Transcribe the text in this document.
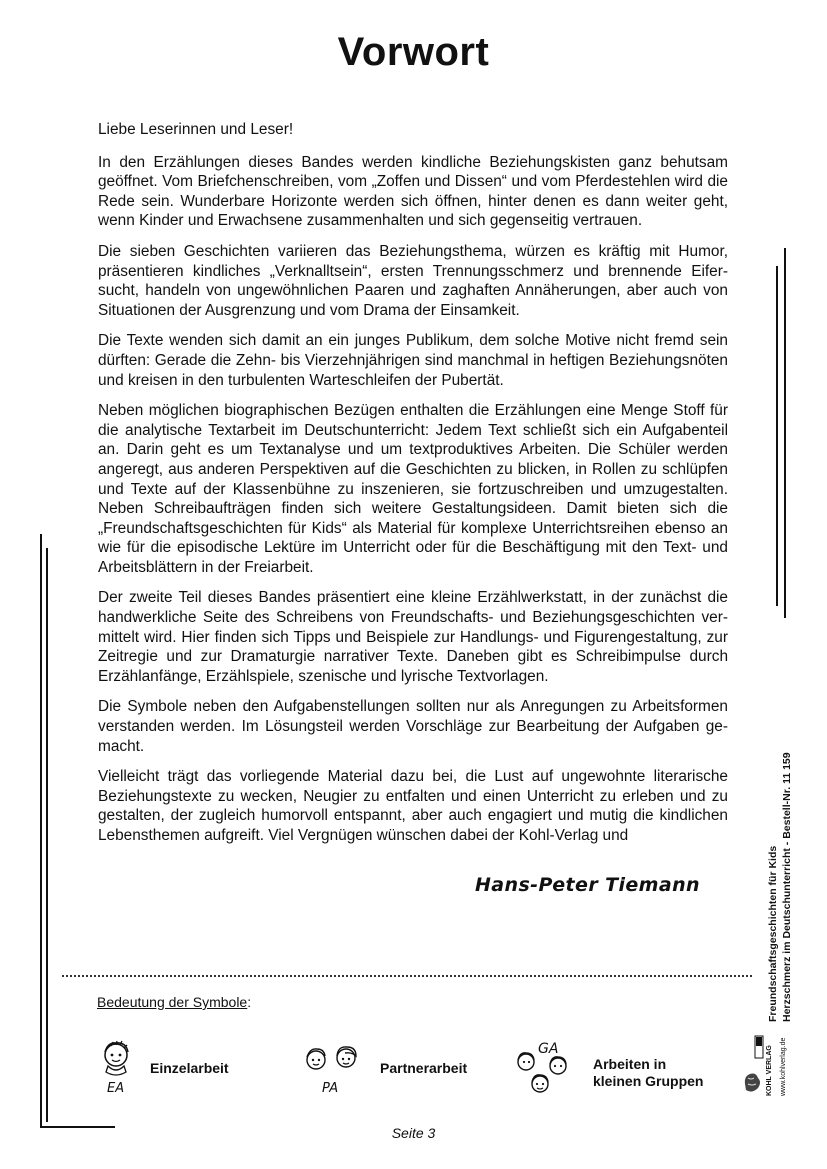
Vorwort

Liebe Leserinnen und Leser!

In den Erzählungen dieses Bandes werden kindliche Beziehungskisten ganz behutsam geöffnet. Vom Briefchenschreiben, vom „Zoffen und Dissen“ und vom Pferdestehlen wird die Rede sein. Wunderbare Horizonte werden sich öffnen, hinter denen es dann weiter geht, wenn Kinder und Erwachsene zusammenhalten und sich gegenseitig vertrauen.

Die sieben Geschichten variieren das Beziehungsthema, würzen es kräftig mit Humor, präsentieren kindliches „Verknalltsein“, ersten Trennungsschmerz und brennende Eifersucht, handeln von ungewöhnlichen Paaren und zaghaften Annäherungen, aber auch von Situationen der Ausgrenzung und vom Drama der Einsamkeit.

Die Texte wenden sich damit an ein junges Publikum, dem solche Motive nicht fremd sein dürften: Gerade die Zehn- bis Vierzehnjährigen sind manchmal in heftigen Beziehungsnöten und kreisen in den turbulenten Warteschleifen der Pubertät.

Neben möglichen biographischen Bezügen enthalten die Erzählungen eine Menge Stoff für die analytische Textarbeit im Deutschunterricht: Jedem Text schließt sich ein Aufgabenteil an. Darin geht es um Textanalyse und um textproduktives Arbeiten. Die Schüler werden angeregt, aus anderen Perspektiven auf die Geschichten zu blicken, in Rollen zu schlüpfen und Texte auf der Klassenbühne zu inszenieren, sie fortzuschreiben und umzugestalten. Neben Schreibaufträgen finden sich weitere Gestaltungsideen. Damit bieten sich die „Freundschaftsgeschichten für Kids“ als Material für komplexe Unterrichtsreihen ebenso an wie für die episodische Lektüre im Unterricht oder für die Beschäftigung mit den Text- und Arbeitsblättern in der Freiarbeit.

Der zweite Teil dieses Bandes präsentiert eine kleine Erzählwerkstatt, in der zunächst die handwerkliche Seite des Schreibens von Freundschafts- und Beziehungsgeschichten vermittelt wird. Hier finden sich Tipps und Beispiele zur Handlungs- und Figurengestaltung, zur Zeitregie und zur Dramaturgie narrativer Texte. Daneben gibt es Schreibimpulse durch Erzählanfänge, Erzählspiele, szenische und lyrische Textvorlagen.

Die Symbole neben den Aufgabenstellungen sollten nur als Anregungen zu Arbeitsformen verstanden werden. Im Lösungsteil werden Vorschläge zur Bearbeitung der Aufgaben gemacht.

Vielleicht trägt das vorliegende Material dazu bei, die Lust auf ungewohnte literarische Beziehungstexte zu wecken, Neugier zu entfalten und einen Unterricht zu erleben und zu gestalten, der zugleich humorvoll entspannt, aber auch engagiert und mutig die kindlichen Lebensthemen aufgreift. Viel Vergnügen wünschen dabei der Kohl-Verlag und

Hans-Peter Tiemann
Bedeutung der Symbole:
EA
Einzelarbeit
PA
Partnerarbeit
GA
Arbeiten in
kleinen Gruppen
Freundschaftsgeschichten für Kids Herzschmerz im Deutschunterricht - Bestell-Nr. 11 159
KOHL VERLAG	www.kohlverlag.de
Seite 3
